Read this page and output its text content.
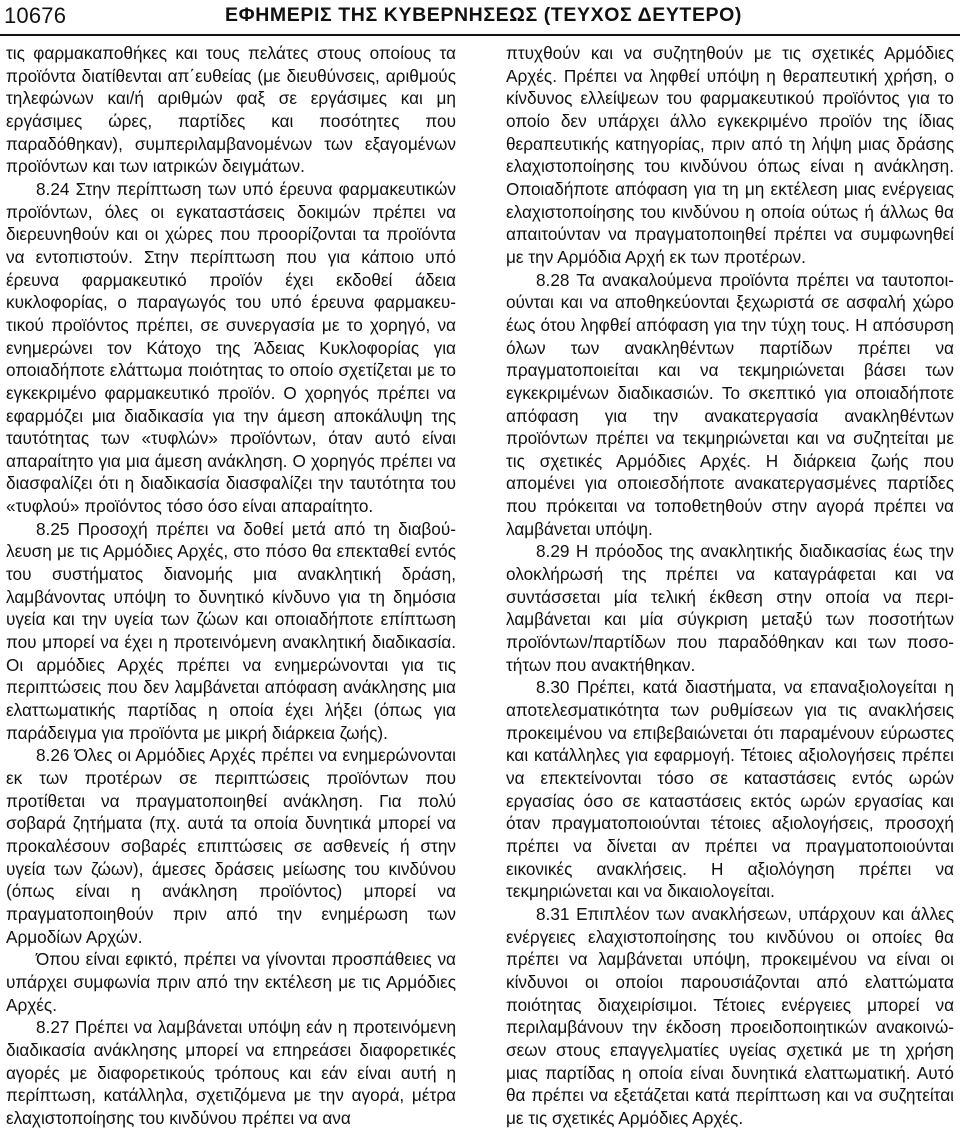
10676	ΕΦΗΜΕΡΙΣ ΤΗΣ ΚΥΒΕΡΝΗΣΕΩΣ (ΤΕΥΧΟΣ ΔΕΥΤΕΡΟ)

τις φαρμακαποθήκες και τους πελάτες στους οποίους τα προϊόντα διατίθενται απ΄ευθείας (με διευθύνσεις, αριθμούς τηλεφώνων και/ή αριθμών φαξ σε εργάσιμες και μη εργάσιμες ώρες, παρτίδες και ποσότητες που παραδόθηκαν), συμπεριλαμβανομένων των εξαγομένων προϊόντων και των ιατρικών δειγμάτων.

8.24 Στην περίπτωση των υπό έρευνα φαρμακευτικών προϊόντων, όλες οι εγκαταστάσεις δοκιμών πρέπει να διερευνηθούν και οι χώρες που προορίζονται τα προϊόντα να εντοπιστούν. Στην περίπτωση που για κάποιο υπό έρευνα φαρμακευτικό προϊόν έχει εκδοθεί άδεια κυκλοφορίας, ο παραγωγός του υπό έρευνα φαρμακευτικού προϊόντος πρέπει, σε συνεργασία με το χορηγό, να ενημερώνει τον Κάτοχο της Άδειας Κυκλοφορίας για οποιαδήποτε ελάττωμα ποιότητας το οποίο σχετίζεται με το εγκεκριμένο φαρμακευτικό προϊόν. Ο χορηγός πρέπει να εφαρμόζει μια διαδικασία για την άμεση αποκάλυψη της ταυτότητας των «τυφλών» προϊόντων, όταν αυτό είναι απαραίτητο για μια άμεση ανάκληση. Ο χορηγός πρέπει να διασφαλίζει ότι η διαδικασία διασφαλίζει την ταυτότητα του «τυφλού» προϊόντος τόσο όσο είναι απαραίτητο.

8.25 Προσοχή πρέπει να δοθεί μετά από τη διαβούλευση με τις Αρμόδιες Αρχές, στο πόσο θα επεκταθεί εντός του συστήματος διανομής μια ανακλητική δράση, λαμβάνοντας υπόψη το δυνητικό κίνδυνο για τη δημόσια υγεία και την υγεία των ζώων και οποιαδήποτε επίπτωση που μπορεί να έχει η προτεινόμενη ανακλητική διαδικασία. Οι αρμόδιες Αρχές πρέπει να ενημερώνονται για τις περιπτώσεις που δεν λαμβάνεται απόφαση ανάκλησης μια ελαττωματικής παρτίδας η οποία έχει λήξει (όπως για παράδειγμα για προϊόντα με μικρή διάρκεια ζωής).

8.26 Όλες οι Αρμόδιες Αρχές πρέπει να ενημερώνονται εκ των προτέρων σε περιπτώσεις προϊόντων που προτίθεται να πραγματοποιηθεί ανάκληση. Για πολύ σοβαρά ζητήματα (πχ. αυτά τα οποία δυνητικά μπορεί να προκαλέσουν σοβαρές επιπτώσεις σε ασθενείς ή στην υγεία των ζώων), άμεσες δράσεις μείωσης του κινδύνου (όπως είναι η ανάκληση προϊόντος) μπορεί να πραγματοποιηθούν πριν από την ενημέρωση των Αρμοδίων Αρχών.

Όπου είναι εφικτό, πρέπει να γίνονται προσπάθειες να υπάρχει συμφωνία πριν από την εκτέλεση με τις Αρμόδιες Αρχές.

8.27 Πρέπει να λαμβάνεται υπόψη εάν η προτεινόμενη διαδικασία ανάκλησης μπορεί να επηρεάσει διαφορετικές αγορές με διαφορετικούς τρόπους και εάν είναι αυτή η περίπτωση, κατάλληλα, σχετιζόμενα με την αγορά, μέτρα ελαχιστοποίησης του κινδύνου πρέπει να ανα

πτυχθούν και να συζητηθούν με τις σχετικές Αρμόδιες Αρχές. Πρέπει να ληφθεί υπόψη η θεραπευτική χρήση, ο κίνδυνος ελλείψεων του φαρμακευτικού προϊόντος για το οποίο δεν υπάρχει άλλο εγκεκριμένο προϊόν της ίδιας θεραπευτικής κατηγορίας, πριν από τη λήψη μιας δράσης ελαχιστοποίησης του κινδύνου όπως είναι η ανάκληση. Οποιαδήποτε απόφαση για τη μη εκτέλεση μιας ενέργειας ελαχιστοποίησης του κινδύνου η οποία ούτως ή άλλως θα απαιτούνταν να πραγματοποιηθεί πρέπει να συμφωνηθεί με την Αρμόδια Αρχή εκ των προτέρων.

8.28 Τα ανακαλούμενα προϊόντα πρέπει να ταυτοποιούνται και να αποθηκεύονται ξεχωριστά σε ασφαλή χώρο έως ότου ληφθεί απόφαση για την τύχη τους. Η απόσυρση όλων των ανακληθέντων παρτίδων πρέπει να πραγματοποιείται και να τεκμηριώνεται βάσει των εγκεκριμένων διαδικασιών. Το σκεπτικό για οποιαδήποτε απόφαση για την ανακατεργασία ανακληθέντων προϊόντων πρέπει να τεκμηριώνεται και να συζητείται με τις σχετικές Αρμόδιες Αρχές. Η διάρκεια ζωής που απομένει για οποιεσδήποτε ανακατεργασμένες παρτίδες που πρόκειται να τοποθετηθούν στην αγορά πρέπει να λαμβάνεται υπόψη.

8.29 Η πρόοδος της ανακλητικής διαδικασίας έως την ολοκλήρωσή της πρέπει να καταγράφεται και να συντάσσεται μία τελική έκθεση στην οποία να περιλαμβάνεται και μία σύγκριση μεταξύ των ποσοτήτων προϊόντων/παρτίδων που παραδόθηκαν και των ποσοτήτων που ανακτήθηκαν.

8.30 Πρέπει, κατά διαστήματα, να επαναξιολογείται η αποτελεσματικότητα των ρυθμίσεων για τις ανακλήσεις προκειμένου να επιβεβαιώνεται ότι παραμένουν εύρωστες και κατάλληλες για εφαρμογή. Τέτοιες αξιολογήσεις πρέπει να επεκτείνονται τόσο σε καταστάσεις εντός ωρών εργασίας όσο σε καταστάσεις εκτός ωρών εργασίας και όταν πραγματοποιούνται τέτοιες αξιολογήσεις, προσοχή πρέπει να δίνεται αν πρέπει να πραγματοποιούνται εικονικές ανακλήσεις. Η αξιολόγηση πρέπει να τεκμηριώνεται και να δικαιολογείται.

8.31 Επιπλέον των ανακλήσεων, υπάρχουν και άλλες ενέργειες ελαχιστοποίησης του κινδύνου οι οποίες θα πρέπει να λαμβάνεται υπόψη, προκειμένου να είναι οι κίνδυνοι οι οποίοι παρουσιάζονται από ελαττώματα ποιότητας διαχειρίσιμοι. Τέτοιες ενέργειες μπορεί να περιλαμβάνουν την έκδοση προειδοποιητικών ανακοινώσεων στους επαγγελματίες υγείας σχετικά με τη χρήση μιας παρτίδας η οποία είναι δυνητικά ελαττωματική. Αυτό θα πρέπει να εξετάζεται κατά περίπτωση και να συζητείται με τις σχετικές Αρμόδιες Αρχές.
